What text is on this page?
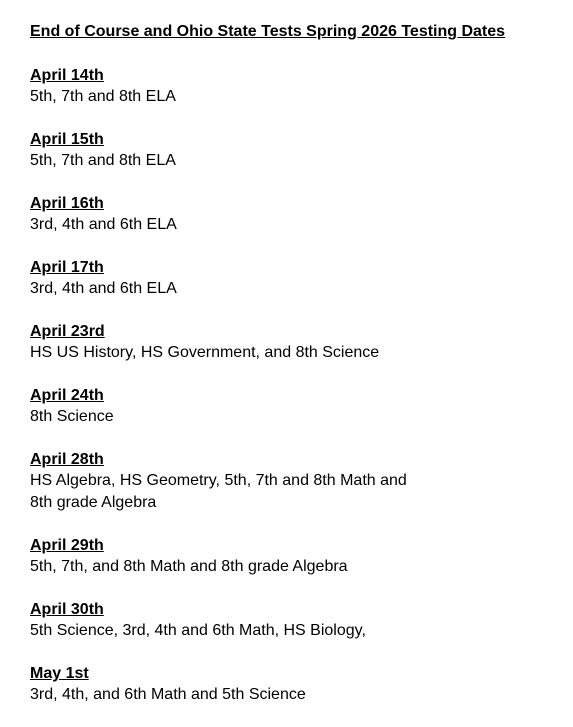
End of Course and Ohio State Tests Spring 2026 Testing Dates
April 14th
5th, 7th and 8th ELA
April 15th
5th, 7th and 8th ELA
April 16th
3rd, 4th and 6th ELA
April 17th
3rd, 4th and 6th ELA
April 23rd
HS US History, HS Government, and 8th Science
April 24th
8th Science
April 28th
HS Algebra, HS Geometry, 5th, 7th and 8th Math and 8th grade Algebra
April 29th
5th, 7th, and 8th Math and 8th grade Algebra
April 30th
5th Science, 3rd, 4th and 6th Math, HS Biology,
May 1st
3rd, 4th, and 6th Math and 5th Science
